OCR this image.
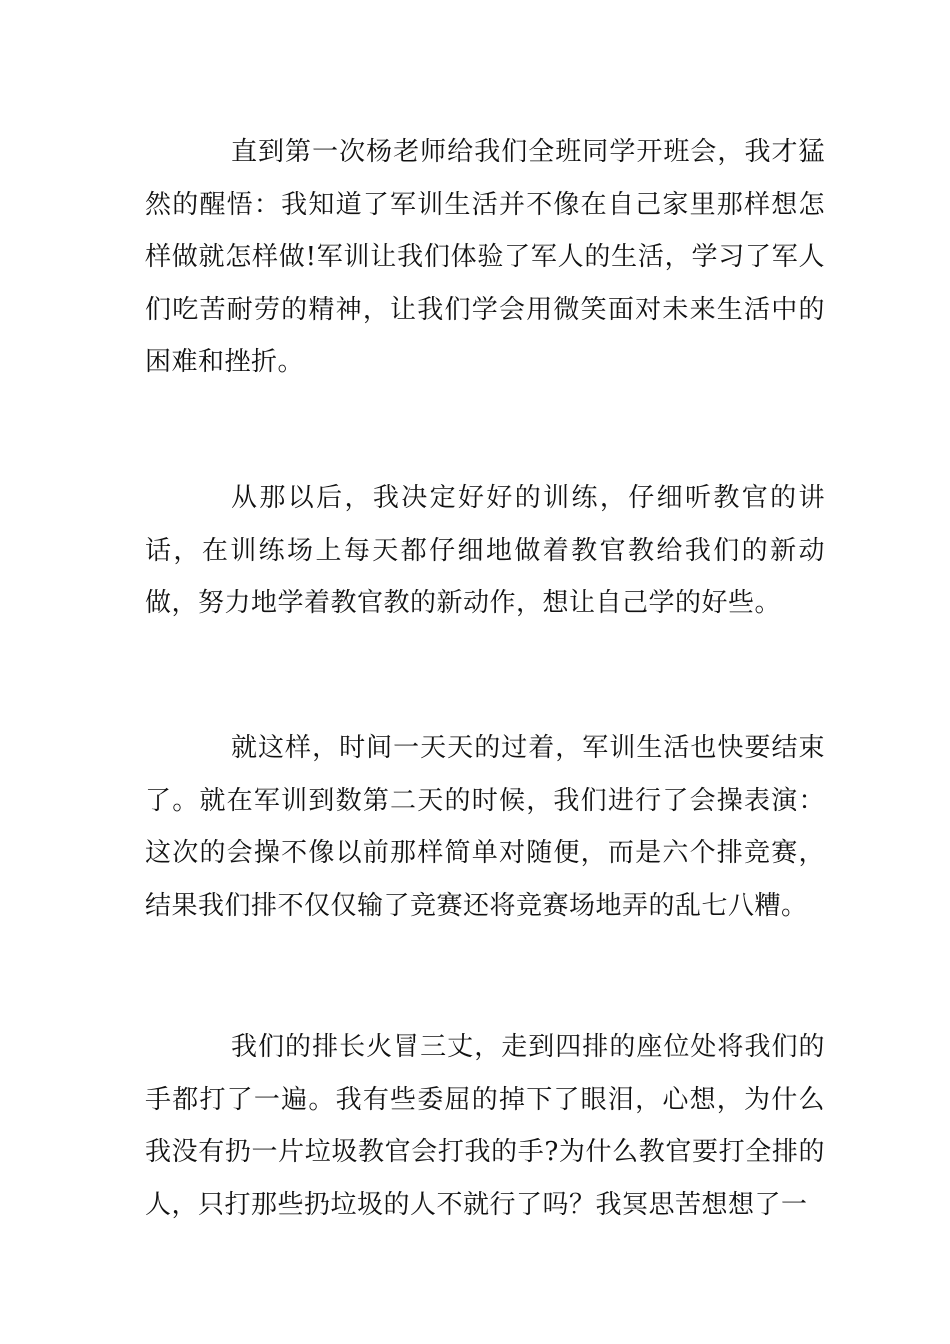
直到第一次杨老师给我们全班同学开班会，我才猛然的醒悟：我知道了军训生活并不像在自己家里那样想怎样做就怎样做!军训让我们体验了军人的生活，学习了军人们吃苦耐劳的精神，让我们学会用微笑面对未来生活中的困难和挫折。

从那以后，我决定好好的训练，仔细听教官的讲话，在训练场上每天都仔细地做着教官教给我们的新动做，努力地学着教官教的新动作，想让自己学的好些。

就这样，时间一天天的过着，军训生活也快要结束了。就在军训到数第二天的时候，我们进行了会操表演：这次的会操不像以前那样简单对随便，而是六个排竞赛，结果我们排不仅仅输了竞赛还将竞赛场地弄的乱七八糟。

我们的排长火冒三丈，走到四排的座位处将我们的手都打了一遍。我有些委屈的掉下了眼泪，心想，为什么我没有扔一片垃圾教官会打我的手?为什么教官要打全排的人，只打那些扔垃圾的人不就行了吗？我冥思苦想想了一
